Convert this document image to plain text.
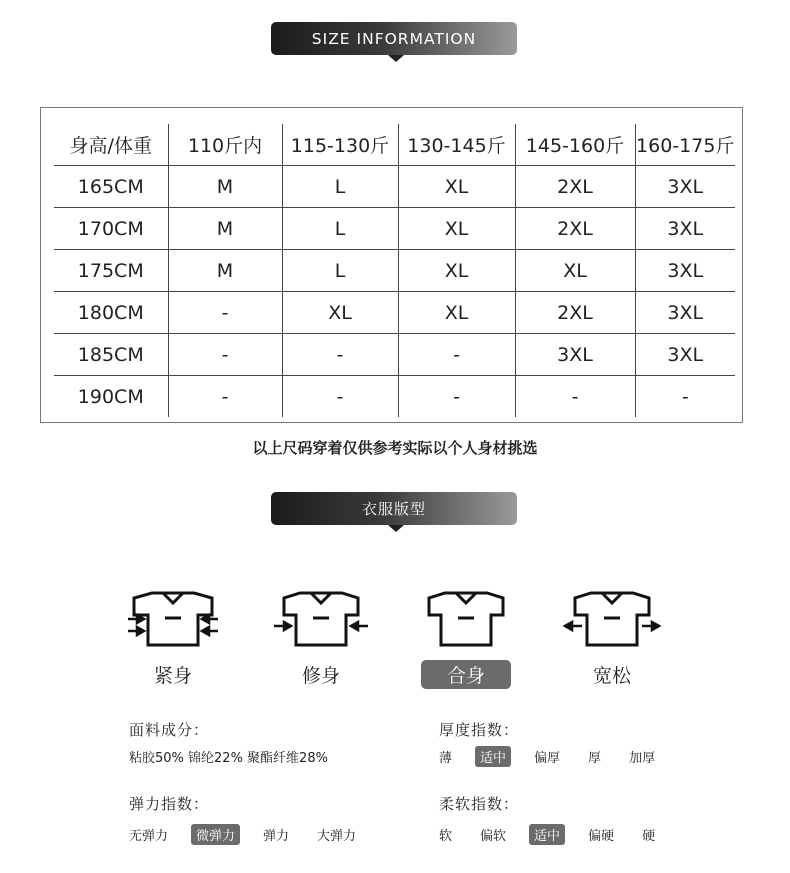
SIZE INFORMATION
身高/体重	110斤内	115-130斤	130-145斤	145-160斤	160-175斤
165CM	M	L	XL	2XL	3XL
170CM	M	L	XL	2XL	3XL
175CM	M	L	XL	XL	3XL
180CM	-	XL	XL	2XL	3XL
185CM	-	-	-	3XL	3XL
190CM	-	-	-	-	-
以上尺码穿着仅供参考实际以个人身材挑选
衣服版型
紧身	修身	合身	宽松
面料成分：
粘胶50% 锦纶22% 聚酯纤维28%
厚度指数：
薄	适中	偏厚	厚	加厚
弹力指数：
无弹力	微弹力	弹力	大弹力
柔软指数：
软	偏软	适中	偏硬	硬
